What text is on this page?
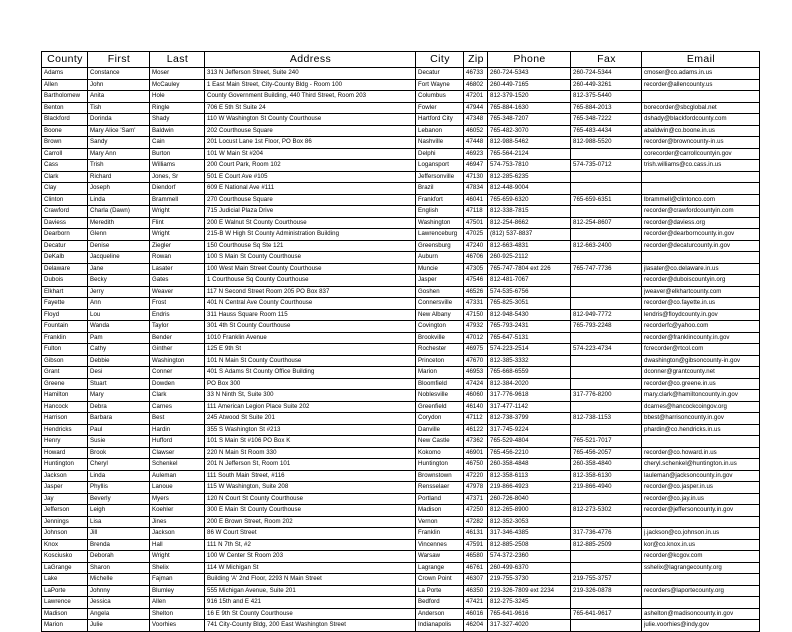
County	First	Last	Address	City	Zip	Phone	Fax	Email
Adams	Constance	Moser	313 N Jefferson Street, Suite 240	Decatur	46733	260-724-5343	260-724-5344	cmoser@co.adams.in.us
Allen	John	McCauley	1 East Main Street, City-County Bldg - Room 100	Fort Wayne	46802	260-449-7165	260-449-3261	recorder@allencounty.us
Bartholomew	Anita	Hole	County Government Building, 440 Third Street, Room 203	Columbus	47201	812-379-1520	812-375-5440	
Benton	Tish	Ringle	706 E 5th St Suite 24	Fowler	47944	765-884-1630	765-884-2013	borecorder@sbcglobal.net
Blackford	Dorinda	Shady	110 W Washington St County Courthouse	Hartford City	47348	765-348-7207	765-348-7222	dshady@blackfordcounty.com
Boone	Mary Alice 'Sam'	Baldwin	202 Courthouse Square	Lebanon	46052	765-482-3070	765-483-4434	abaldwin@co.boone.in.us
Brown	Sandy	Cain	201 Locust Lane 1st Floor, PO Box 86	Nashville	47448	812-988-5462	812-988-5520	recorder@browncounty-in.us
Carroll	Mary Ann	Burton	101 W Main St #204	Delphi	46923	765-564-2124		corecorder@carrollcountyin.gov
Cass	Trish	Williams	200 Court Park, Room 102	Logansport	46947	574-753-7810	574-735-0712	trish.williams@co.cass.in.us
Clark	Richard	Jones, Sr	501 E Court Ave #105	Jeffersonville	47130	812-285-6235		
Clay	Joseph	Diendorf	609 E National Ave #111	Brazil	47834	812-448-9004		
Clinton	Linda	Brammell	270 Courthouse Square	Frankfort	46041	765-659-6320	765-659-6351	lbrammell@clintonco.com
Crawford	Charla (Dawn)	Wright	715 Judicial Plaza Drive	English	47118	812-338-7815		recorder@crawfordcountyin.com
Daviess	Meredith	Flint	200 E Walnut St County Courthouse	Washington	47501	812-254-8662	812-254-8607	recorder@daviess.org
Dearborn	Glenn	Wright	215-B W High St County Administration Building	Lawrenceburg	47025	(812) 537-8837		recorder@dearborncounty.in.gov
Decatur	Denise	Ziegler	150 Courthouse Sq Ste 121	Greensburg	47240	812-663-4831	812-663-2400	recorder@decaturcounty.in.gov
DeKalb	Jacqueline	Rowan	100 S Main St County Courthouse	Auburn	46706	260-925-2112		
Delaware	Jane	Lasater	100 West Main Street County Courthouse	Muncie	47305	765-747-7804 ext 226	765-747-7736	jlasater@co.delaware.in.us
Dubois	Becky	Gates	1 Courthouse Sq County Courthouse	Jasper	47546	812-481-7067		recorder@duboiscountyin.org
Elkhart	Jerry	Weaver	117 N Second Street Room 205 PO Box 837	Goshen	46526	574-535-6756		jweaver@elkhartcounty.com
Fayette	Ann	Frost	401 N Central Ave County Courthouse	Connersville	47331	765-825-3051		recorder@co.fayette.in.us
Floyd	Lou	Endris	311 Hauss Square Room 115	New Albany	47150	812-948-5430	812-949-7772	lendris@floydcounty.in.gov
Fountain	Wanda	Taylor	301 4th St County Courthouse	Covington	47932	765-793-2431	765-793-2248	recorderfc@yahoo.com
Franklin	Pam	Bender	1010 Franklin Avenue	Brookville	47012	765-647-5131		recorder@franklincounty.in.gov
Fulton	Cathy	Ginther	125 E 9th St	Rochester	46975	574-223-2514	574-223-4734	fcrecorder@rtcol.com
Gibson	Debbie	Washington	101 N Main St County Courthouse	Princeton	47670	812-385-3332		dwashington@gibsoncounty-in.gov
Grant	Desi	Conner	401 S Adams St County Office Building	Marion	46953	765-668-6559		dconner@grantcounty.net
Greene	Stuart	Dowden	PO Box 300	Bloomfield	47424	812-384-2020		recorder@co.greene.in.us
Hamilton	Mary	Clark	33 N Ninth St, Suite 300	Noblesville	46060	317-776-9618	317-776-8200	mary.clark@hamiltoncounty.in.gov
Hancock	Debra	Carnes	111 American Legion Place Suite 202	Greenfield	46140	317-477-1142		dcarnes@hancockcoingov.org
Harrison	Barbara	Best	245 Atwood St Suite 201	Corydon	47112	812-738-3799	812-738-1153	bbest@harrisoncounty.in.gov
Hendricks	Paul	Hardin	355 S Washington St #213	Danville	46122	317-745-9224		phardin@co.hendricks.in.us
Henry	Susie	Hufford	101 S Main St #106 PO Box K	New Castle	47362	765-529-4804	765-521-7017	
Howard	Brook	Clawser	220 N Main St Room 330	Kokomo	46901	765-456-2210	765-456-2057	recorder@co.howard.in.us
Huntington	Cheryl	Schenkel	201 N Jefferson St, Room 101	Huntington	46750	260-358-4848	260-358-4840	cheryl.schenkel@huntington.in.us
Jackson	Linda	Auleman	111 South Main Street, #116	Brownstown	47220	812-358-6113	812-358-6130	lauleman@jacksoncounty.in.gov
Jasper	Phyllis	Lanoue	115 W Washington, Suite 208	Rensselaer	47978	219-866-4923	219-866-4940	recorder@co.jasper.in.us
Jay	Beverly	Myers	120 N Court St County Courthouse	Portland	47371	260-726-8040		recorder@co.jay.in.us
Jefferson	Leigh	Koehler	300 E Main St County Courthouse	Madison	47250	812-265-8900	812-273-5302	recorder@jeffersoncounty.in.gov
Jennings	Lisa	Jines	200 E Brown Street, Room 202	Vernon	47282	812-352-3053		
Johnson	Jill	Jackson	86 W Court Street	Franklin	46131	317-346-4385	317-736-4776	j.jackson@co.johnson.in.us
Knox	Brenda	Hall	111 N 7th St, #2	Vincennes	47591	812-885-2508	812-885-2509	kor@co.knox.in.us
Kosciusko	Deborah	Wright	100 W Center St Room 203	Warsaw	46580	574-372-2360		recorder@kcgov.com
LaGrange	Sharon	Shelix	114 W Michigan St	Lagrange	46761	260-499-6370		sshelix@lagrangecounty.org
Lake	Michelle	Fajman	Building 'A' 2nd Floor, 2293 N Main Street	Crown Point	46307	219-755-3730	219-755-3757	
LaPorte	Johnny	Blumley	555 Michigan Avenue, Suite 201	La Porte	46350	219-326-7809 ext 2234	219-326-0878	recorders@laportecounty.org
Lawrence	Jessica	Allen	916 15th and E 421	Bedford	47421	812-275-3245		
Madison	Angela	Shelton	16 E 9th St County Courthouse	Anderson	46016	765-641-9616	765-641-9617	ashelton@madisoncounty.in.gov
Marion	Julie	Voorhies	741 City-County Bldg, 200 East Washington Street	Indianapolis	46204	317-327-4020		julie.voorhies@indy.gov
